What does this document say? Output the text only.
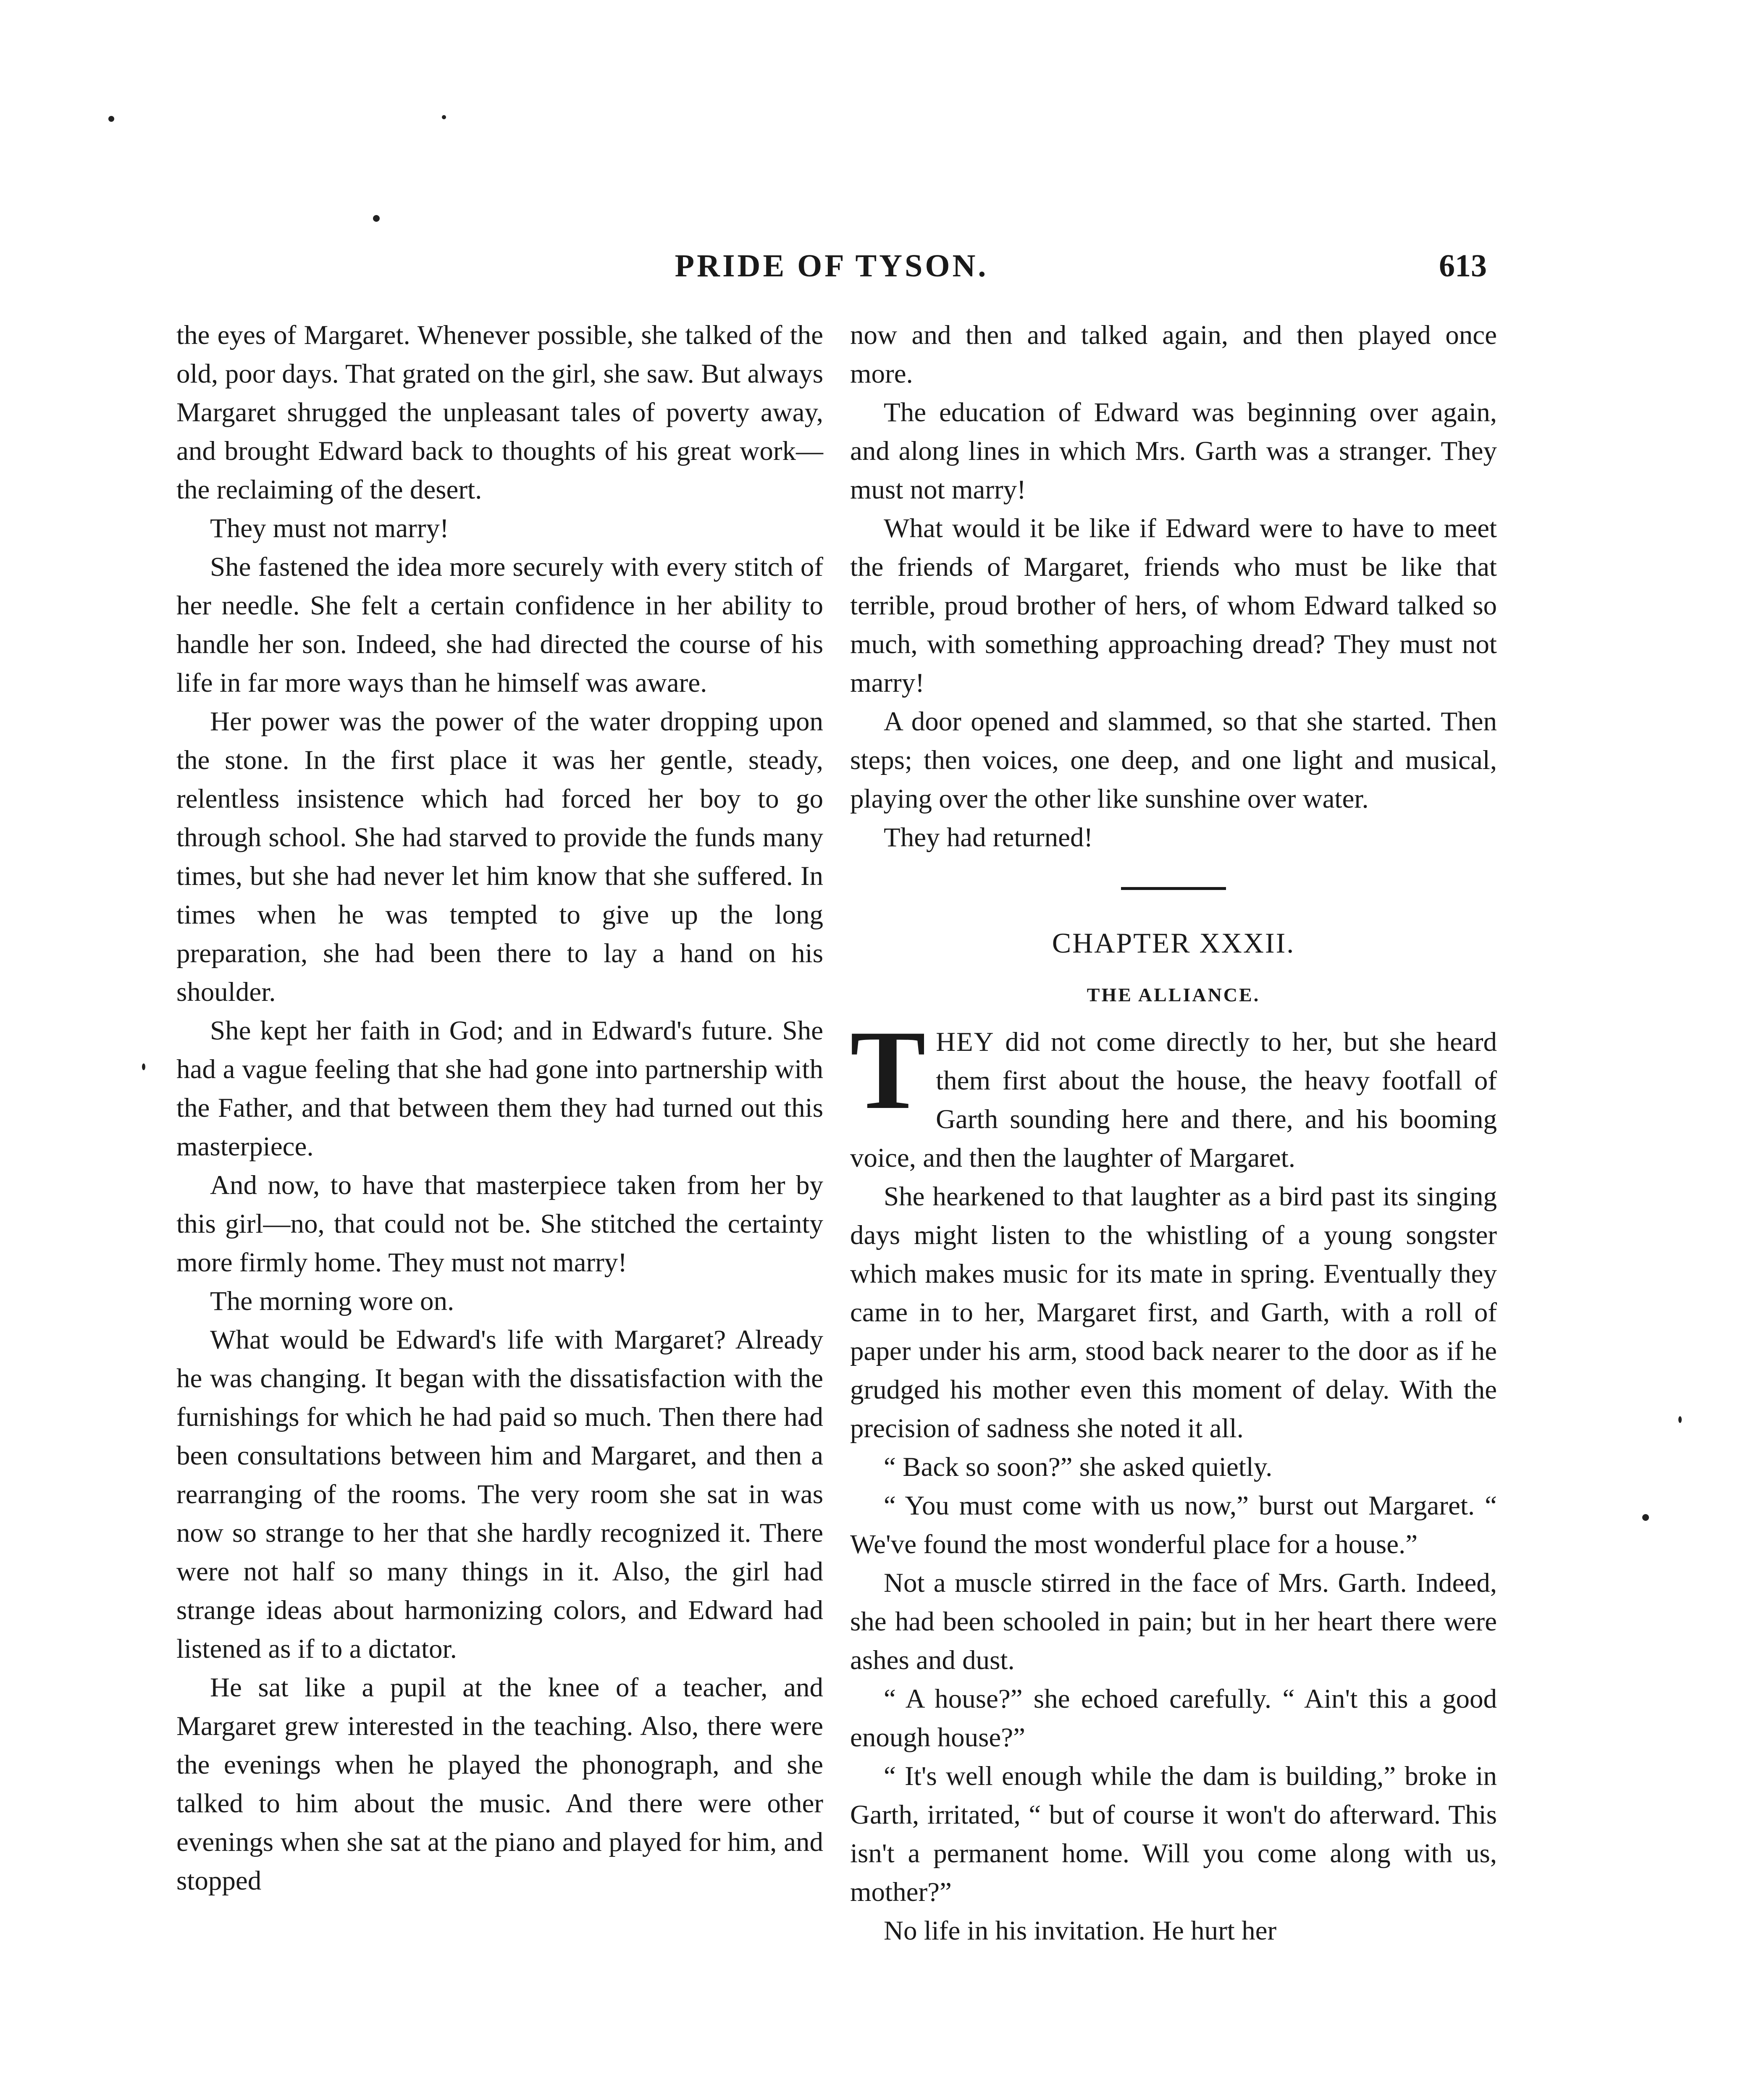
PRIDE OF TYSON.	613

the eyes of Margaret. Whenever possible, she talked of the old, poor days. That grated on the girl, she saw. But always Margaret shrugged the unpleasant tales of poverty away, and brought Edward back to thoughts of his great work—the reclaiming of the desert.

They must not marry!

She fastened the idea more securely with every stitch of her needle. She felt a certain confidence in her ability to handle her son. Indeed, she had directed the course of his life in far more ways than he himself was aware.

Her power was the power of the water dropping upon the stone. In the first place it was her gentle, steady, relentless insistence which had forced her boy to go through school. She had starved to provide the funds many times, but she had never let him know that she suffered. In times when he was tempted to give up the long preparation, she had been there to lay a hand on his shoulder.

She kept her faith in God; and in Edward's future. She had a vague feeling that she had gone into partnership with the Father, and that between them they had turned out this masterpiece.

And now, to have that masterpiece taken from her by this girl—no, that could not be. She stitched the certainty more firmly home. They must not marry!

The morning wore on.

What would be Edward's life with Margaret? Already he was changing. It began with the dissatisfaction with the furnishings for which he had paid so much. Then there had been consultations between him and Margaret, and then a rearranging of the rooms. The very room she sat in was now so strange to her that she hardly recognized it. There were not half so many things in it. Also, the girl had strange ideas about harmonizing colors, and Edward had listened as if to a dictator.

He sat like a pupil at the knee of a teacher, and Margaret grew interested in the teaching. Also, there were the evenings when he played the phonograph, and she talked to him about the music. And there were other evenings when she sat at the piano and played for him, and stopped

now and then and talked again, and then played once more.

The education of Edward was beginning over again, and along lines in which Mrs. Garth was a stranger. They must not marry!

What would it be like if Edward were to have to meet the friends of Margaret, friends who must be like that terrible, proud brother of hers, of whom Edward talked so much, with something approaching dread? They must not marry!

A door opened and slammed, so that she started. Then steps; then voices, one deep, and one light and musical, playing over the other like sunshine over water.

They had returned!

CHAPTER XXXII.
THE ALLIANCE.

THEY did not come directly to her, but she heard them first about the house, the heavy footfall of Garth sounding here and there, and his booming voice, and then the laughter of Margaret.

She hearkened to that laughter as a bird past its singing days might listen to the whistling of a young songster which makes music for its mate in spring. Eventually they came in to her, Margaret first, and Garth, with a roll of paper under his arm, stood back nearer to the door as if he grudged his mother even this moment of delay. With the precision of sadness she noted it all.

“ Back so soon?” she asked quietly.

“ You must come with us now,” burst out Margaret. “ We've found the most wonderful place for a house.”

Not a muscle stirred in the face of Mrs. Garth. Indeed, she had been schooled in pain; but in her heart there were ashes and dust.

“ A house?” she echoed carefully. “ Ain't this a good enough house?”

“ It's well enough while the dam is building,” broke in Garth, irritated, “ but of course it won't do afterward. This isn't a permanent home. Will you come along with us, mother?”

No life in his invitation. He hurt her
